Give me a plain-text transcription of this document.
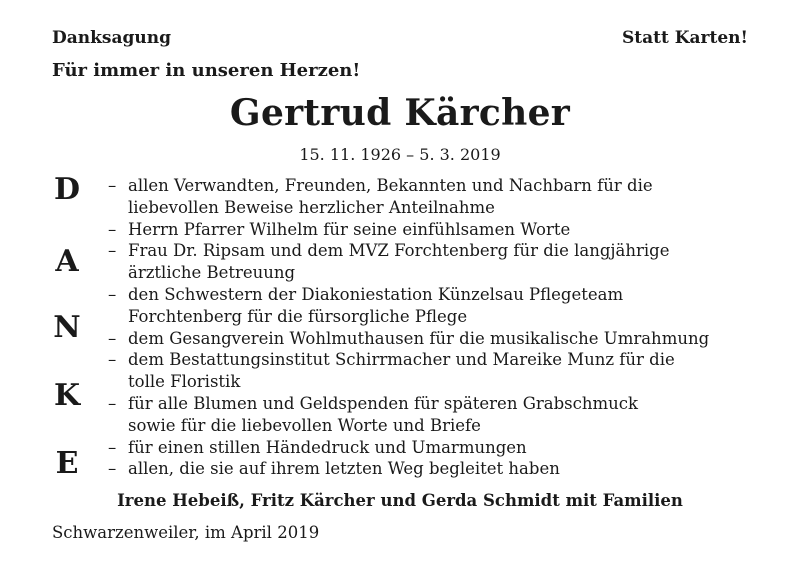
Danksagung	Statt Karten!
Für immer in unseren Herzen!
Gertrud Kärcher
15. 11. 1926 – 5. 3. 2019
D
A
N
K
E
– allen Verwandten, Freunden, Bekannten und Nachbarn für die
liebevollen Beweise herzlicher Anteilnahme
– Herrn Pfarrer Wilhelm für seine einfühlsamen Worte
– Frau Dr. Ripsam und dem MVZ Forchtenberg für die langjährige
ärztliche Betreuung
– den Schwestern der Diakoniestation Künzelsau Pflegeteam
Forchtenberg für die fürsorgliche Pflege
– dem Gesangverein Wohlmuthausen für die musikalische Umrahmung
– dem Bestattungsinstitut Schirrmacher und Mareike Munz für die
tolle Floristik
– für alle Blumen und Geldspenden für späteren Grabschmuck
sowie für die liebevollen Worte und Briefe
– für einen stillen Händedruck und Umarmungen
– allen, die sie auf ihrem letzten Weg begleitet haben
Irene Hebeiß, Fritz Kärcher und Gerda Schmidt mit Familien
Schwarzenweiler, im April 2019
